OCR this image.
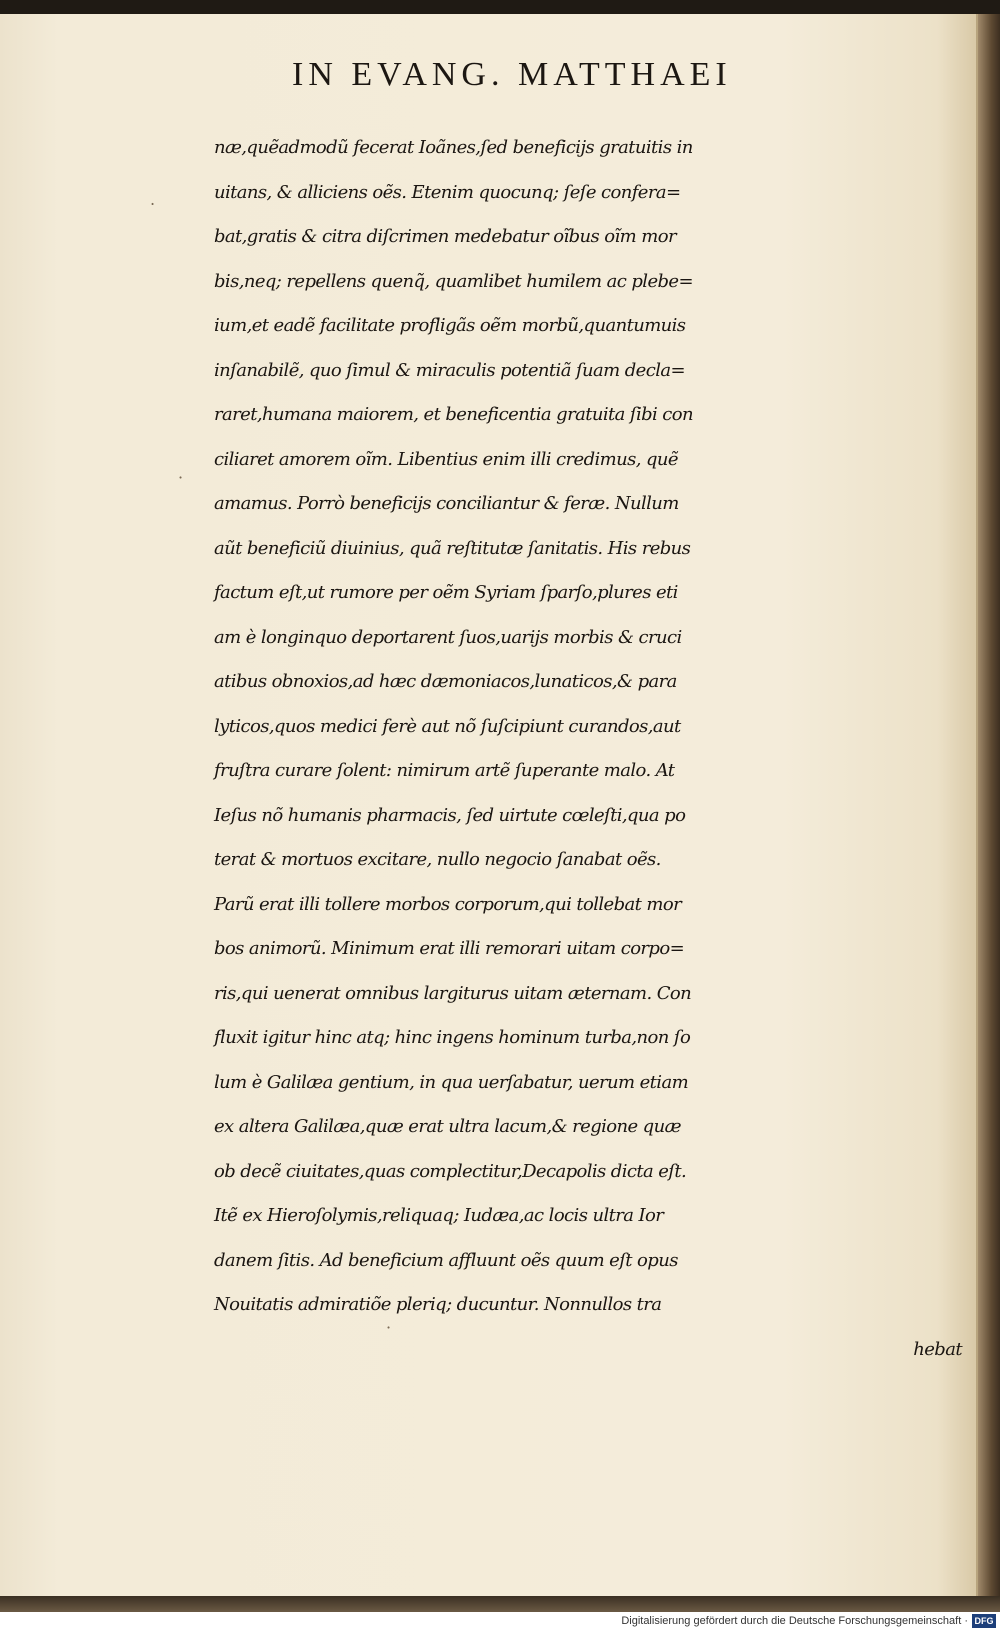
IN EVANG. MATTHAEI
.
·
·
næ,quẽadmodũ fecerat Ioãnes,ſed beneficijs gratuitis in
uitans, & alliciens oẽs. Etenim quocunq; ſeſe confera=
bat,gratis & citra diſcrimen medebatur oĩbus oĩm mor
bis,neq; repellens quenq̃, quamlibet humilem ac plebe=
ium,et eadẽ facilitate profligãs oẽm morbũ,quantumuis
inſanabilẽ, quo ſimul & miraculis potentiã ſuam decla=
raret,humana maiorem, et beneficentia gratuita ſibi con
ciliaret amorem oĩm. Libentius enim illi credimus, quẽ
amamus. Porrò beneficijs conciliantur & feræ. Nullum
aũt beneficiũ diuinius, quã reſtitutæ ſanitatis. His rebus
factum eſt,ut rumore per oẽm Syriam ſparſo,plures eti
am è longinquo deportarent ſuos,uarijs morbis & cruci
atibus obnoxios,ad hæc dæmoniacos,lunaticos,& para
lyticos,quos medici ferè aut nõ ſuſcipiunt curandos,aut
fruſtra curare ſolent: nimirum artẽ ſuperante malo. At
Ieſus nõ humanis pharmacis, ſed uirtute cœleſti,qua po
terat & mortuos excitare, nullo negocio ſanabat oẽs.
Parũ erat illi tollere morbos corporum,qui tollebat mor
bos animorũ. Minimum erat illi remorari uitam corpo=
ris,qui uenerat omnibus largiturus uitam æternam. Con
fluxit igitur hinc atq; hinc ingens hominum turba,non ſo
lum è Galilæa gentium, in qua uerſabatur, uerum etiam
ex altera Galilæa,quæ erat ultra lacum,& regione quæ
ob decẽ ciuitates,quas complectitur,Decapolis dicta eſt.
Itẽ ex Hieroſolymis,reliquaq; Iudæa,ac locis ultra Ior
danem ſitis. Ad beneficium affluunt oẽs quum eſt opus
Nouitatis admiratiõe pleriq; ducuntur. Nonnullos tra
hebat
Digitalisierung gefördert durch die Deutsche Forschungsgemeinschaft · DFG
